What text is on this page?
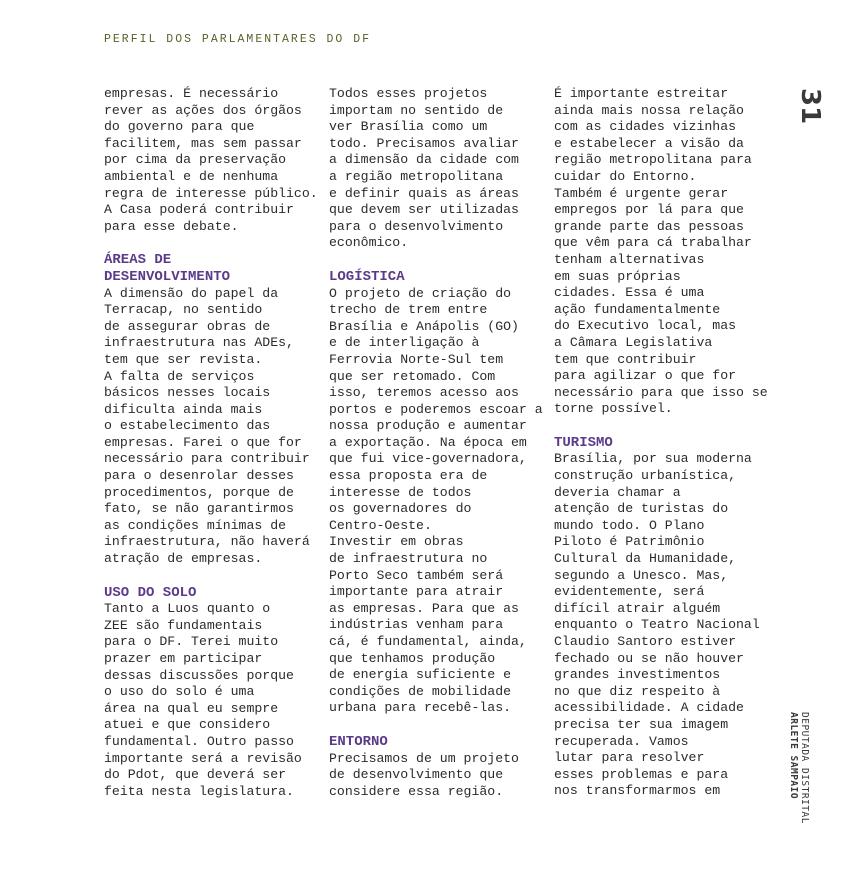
PERFIL DOS PARLAMENTARES DO DF
31
DEPUTADA DISTRITAL
ARLETE SAMPAIO
empresas. É necessário
rever as ações dos órgãos
do governo para que
facilitem, mas sem passar
por cima da preservação
ambiental e de nenhuma
regra de interesse público.
A Casa poderá contribuir
para esse debate.
ÁREAS DE
DESENVOLVIMENTO
A dimensão do papel da
Terracap, no sentido
de assegurar obras de
infraestrutura nas ADEs,
tem que ser revista.
A falta de serviços
básicos nesses locais
dificulta ainda mais
o estabelecimento das
empresas. Farei o que for
necessário para contribuir
para o desenrolar desses
procedimentos, porque de
fato, se não garantirmos
as condições mínimas de
infraestrutura, não haverá
atração de empresas.
USO DO SOLO
Tanto a Luos quanto o
ZEE são fundamentais
para o DF. Terei muito
prazer em participar
dessas discussões porque
o uso do solo é uma
área na qual eu sempre
atuei e que considero
fundamental. Outro passo
importante será a revisão
do Pdot, que deverá ser
feita nesta legislatura.
Todos esses projetos
importam no sentido de
ver Brasília como um
todo. Precisamos avaliar
a dimensão da cidade com
a região metropolitana
e definir quais as áreas
que devem ser utilizadas
para o desenvolvimento
econômico.
LOGÍSTICA
O projeto de criação do
trecho de trem entre
Brasília e Anápolis (GO)
e de interligação à
Ferrovia Norte-Sul tem
que ser retomado. Com
isso, teremos acesso aos
portos e poderemos escoar a
nossa produção e aumentar
a exportação. Na época em
que fui vice-governadora,
essa proposta era de
interesse de todos
os governadores do
Centro-Oeste.
Investir em obras
de infraestrutura no
Porto Seco também será
importante para atrair
as empresas. Para que as
indústrias venham para
cá, é fundamental, ainda,
que tenhamos produção
de energia suficiente e
condições de mobilidade
urbana para recebê-las.
ENTORNO
Precisamos de um projeto
de desenvolvimento que
considere essa região.
É importante estreitar
ainda mais nossa relação
com as cidades vizinhas
e estabelecer a visão da
região metropolitana para
cuidar do Entorno.
Também é urgente gerar
empregos por lá para que
grande parte das pessoas
que vêm para cá trabalhar
tenham alternativas
em suas próprias
cidades. Essa é uma
ação fundamentalmente
do Executivo local, mas
a Câmara Legislativa
tem que contribuir
para agilizar o que for
necessário para que isso se
torne possível.
TURISMO
Brasília, por sua moderna
construção urbanística,
deveria chamar a
atenção de turistas do
mundo todo. O Plano
Piloto é Patrimônio
Cultural da Humanidade,
segundo a Unesco. Mas,
evidentemente, será
difícil atrair alguém
enquanto o Teatro Nacional
Claudio Santoro estiver
fechado ou se não houver
grandes investimentos
no que diz respeito à
acessibilidade. A cidade
precisa ter sua imagem
recuperada. Vamos
lutar para resolver
esses problemas e para
nos transformarmos em
